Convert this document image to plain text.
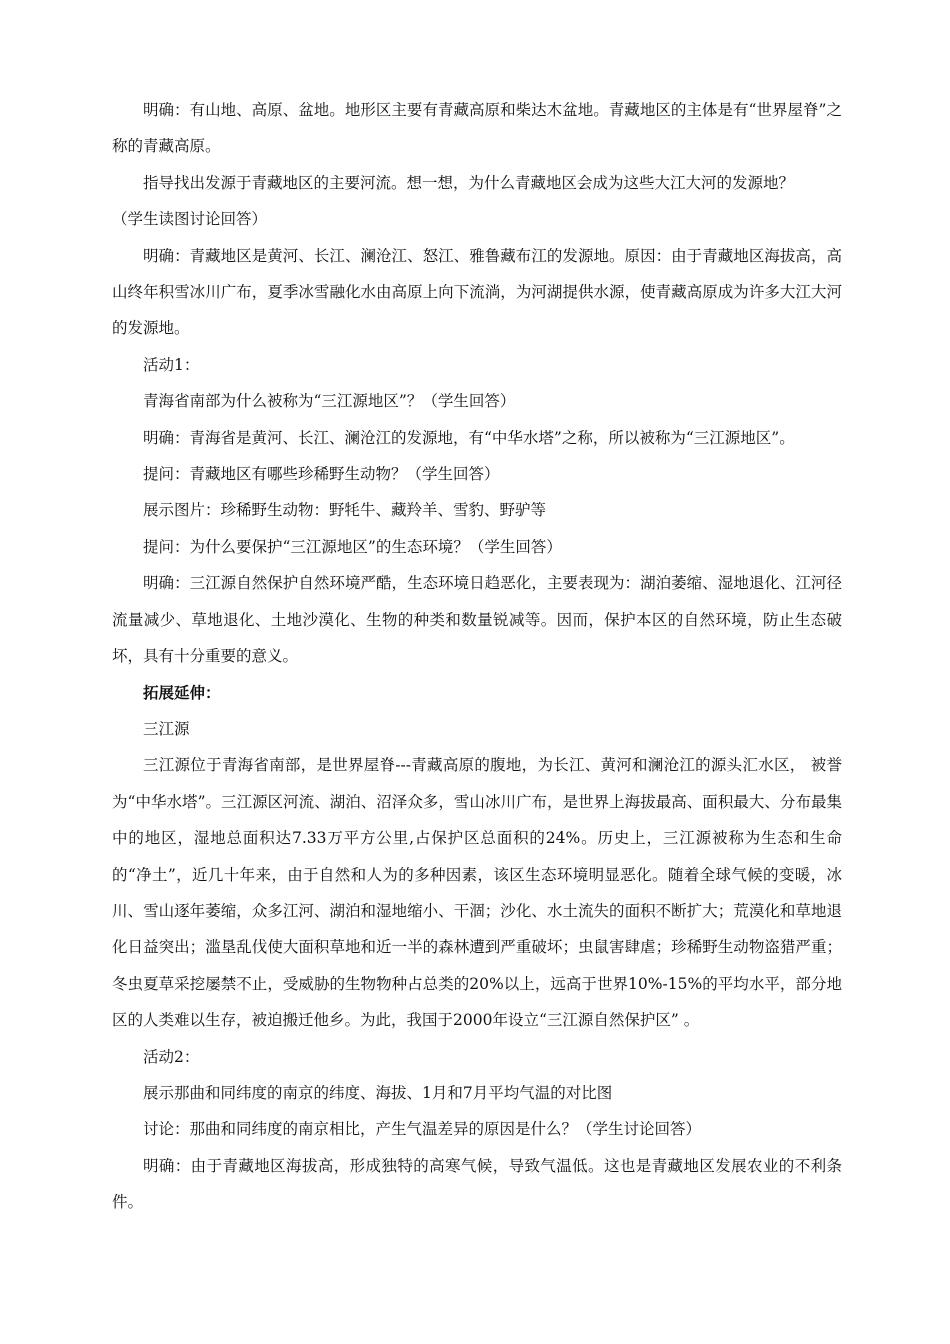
明确：有山地、高原、盆地。地形区主要有青藏高原和柴达木盆地。青藏地区的主体是有“世界屋脊”之称的青藏高原。

指导找出发源于青藏地区的主要河流。想一想，为什么青藏地区会成为这些大江大河的发源地？

（学生读图讨论回答）

明确：青藏地区是黄河、长江、澜沧江、怒江、雅鲁藏布江的发源地。原因：由于青藏地区海拔高，高山终年积雪冰川广布，夏季冰雪融化水由高原上向下流淌，为河湖提供水源，使青藏高原成为许多大江大河的发源地。

活动1：

青海省南部为什么被称为“三江源地区”？（学生回答）

明确：青海省是黄河、长江、澜沧江的发源地，有“中华水塔”之称，所以被称为“三江源地区”。

提问：青藏地区有哪些珍稀野生动物？（学生回答）

展示图片：珍稀野生动物：野牦牛、藏羚羊、雪豹、野驴等

提问：为什么要保护“三江源地区”的生态环境？（学生回答）

明确：三江源自然保护自然环境严酷，生态环境日趋恶化，主要表现为：湖泊萎缩、湿地退化、江河径流量减少、草地退化、土地沙漠化、生物的种类和数量锐减等。因而，保护本区的自然环境，防止生态破坏，具有十分重要的意义。

拓展延伸：

三江源

三江源位于青海省南部，是世界屋脊---青藏高原的腹地，为长江、黄河和澜沧江的源头汇水区， 被誉为“中华水塔”。三江源区河流、湖泊、沼泽众多，雪山冰川广布，是世界上海拔最高、面积最大、分布最集中的地区，湿地总面积达7.33万平方公里,占保护区总面积的24%。历史上，三江源被称为生态和生命的“净土”，近几十年来，由于自然和人为的多种因素，该区生态环境明显恶化。随着全球气候的变暖，冰川、雪山逐年萎缩，众多江河、湖泊和湿地缩小、干涸；沙化、水土流失的面积不断扩大；荒漠化和草地退化日益突出；滥垦乱伐使大面积草地和近一半的森林遭到严重破坏；虫鼠害肆虐；珍稀野生动物盗猎严重；冬虫夏草采挖屡禁不止，受威胁的生物物种占总类的20%以上，远高于世界10%-15%的平均水平，部分地区的人类难以生存，被迫搬迁他乡。为此，我国于2000年设立“三江源自然保护区” 。

活动2：

展示那曲和同纬度的南京的纬度、海拔、1月和7月平均气温的对比图

讨论：那曲和同纬度的南京相比，产生气温差异的原因是什么？（学生讨论回答）

明确：由于青藏地区海拔高，形成独特的高寒气候，导致气温低。这也是青藏地区发展农业的不利条件。
